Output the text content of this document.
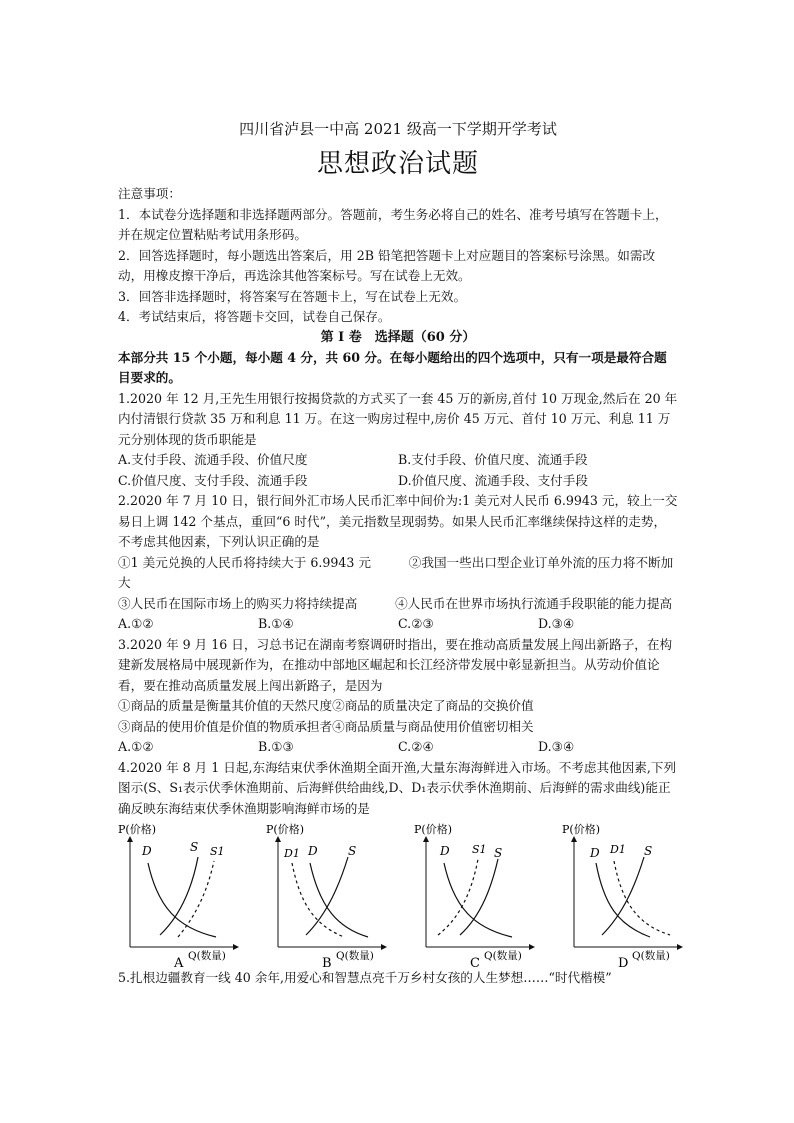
四川省泸县一中高 2021 级高一下学期开学考试
思想政治试题

注意事项：

1．本试卷分选择题和非选择题两部分。答题前，考生务必将自己的姓名、准考号填写在答题卡上，并在规定位置粘贴考试用条形码。

2．回答选择题时，每小题选出答案后，用 2B 铅笔把答题卡上对应题目的答案标号涂黑。如需改动，用橡皮擦干净后，再选涂其他答案标号。写在试卷上无效。

3．回答非选择题时，将答案写在答题卡上，写在试卷上无效。

4．考试结束后，将答题卡交回，试卷自己保存。

第 I 卷　选择题（60 分）

本部分共 15 个小题，每小题 4 分，共 60 分。在每小题给出的四个选项中，只有一项是最符合题目要求的。

1.2020 年 12 月,王先生用银行按揭贷款的方式买了一套 45 万的新房,首付 10 万现金,然后在 20 年内付清银行贷款 35 万和利息 11 万。在这一购房过程中,房价 45 万元、首付 10 万元、利息 11 万元分别体现的货币职能是

A.支付手段、流通手段、价值尺度	B.支付手段、价值尺度、流通手段
C.价值尺度、支付手段、流通手段	D.价值尺度、流通手段、支付手段

2.2020 年 7 月 10 日，银行间外汇市场人民币汇率中间价为:1 美元对人民币 6.9943 元，较上一交易日上调 142 个基点，重回“6 时代”，美元指数呈现弱势。如果人民币汇率继续保持这样的走势，不考虑其他因素，下列认识正确的是

①1 美元兑换的人民币将持续大于 6.9943 元　　　②我国一些出口型企业订单外流的压力将不断加大

③人民币在国际市场上的购买力将持续提高　　　④人民币在世界市场执行流通手段职能的能力提高

A.①②	B.①④	C.②③	D.③④

3.2020 年 9 月 16 日，习总书记在湖南考察调研时指出，要在推动高质量发展上闯出新路子，在构建新发展格局中展现新作为，在推动中部地区崛起和长江经济带发展中彰显新担当。从劳动价值论看，要在推动高质量发展上闯出新路子，是因为

①商品的质量是衡量其价值的天然尺度②商品的质量决定了商品的交换价值

③商品的使用价值是价值的物质承担者④商品质量与商品使用价值密切相关

A.①②	B.①③	C.②④	D.③④

4.2020 年 8 月 1 日起,东海结束伏季休渔期全面开渔,大量东海海鲜进入市场。不考虑其他因素,下列图示(S、S₁表示伏季休渔期前、后海鲜供给曲线,D、D₁表示伏季休渔期前、后海鲜的需求曲线)能正确反映东海结束伏季休渔期影响海鲜市场的是

P(价格)
Q(数量)
D	S S1
A
P(价格)
Q(数量)
D1 D	S
B
P(价格)
Q(数量)
D S1 S
C
P(价格)
Q(数量)
D D1 S
D

5.扎根边疆教育一线 40 余年,用爱心和智慧点亮千万乡村女孩的人生梦想……“时代楷模”
